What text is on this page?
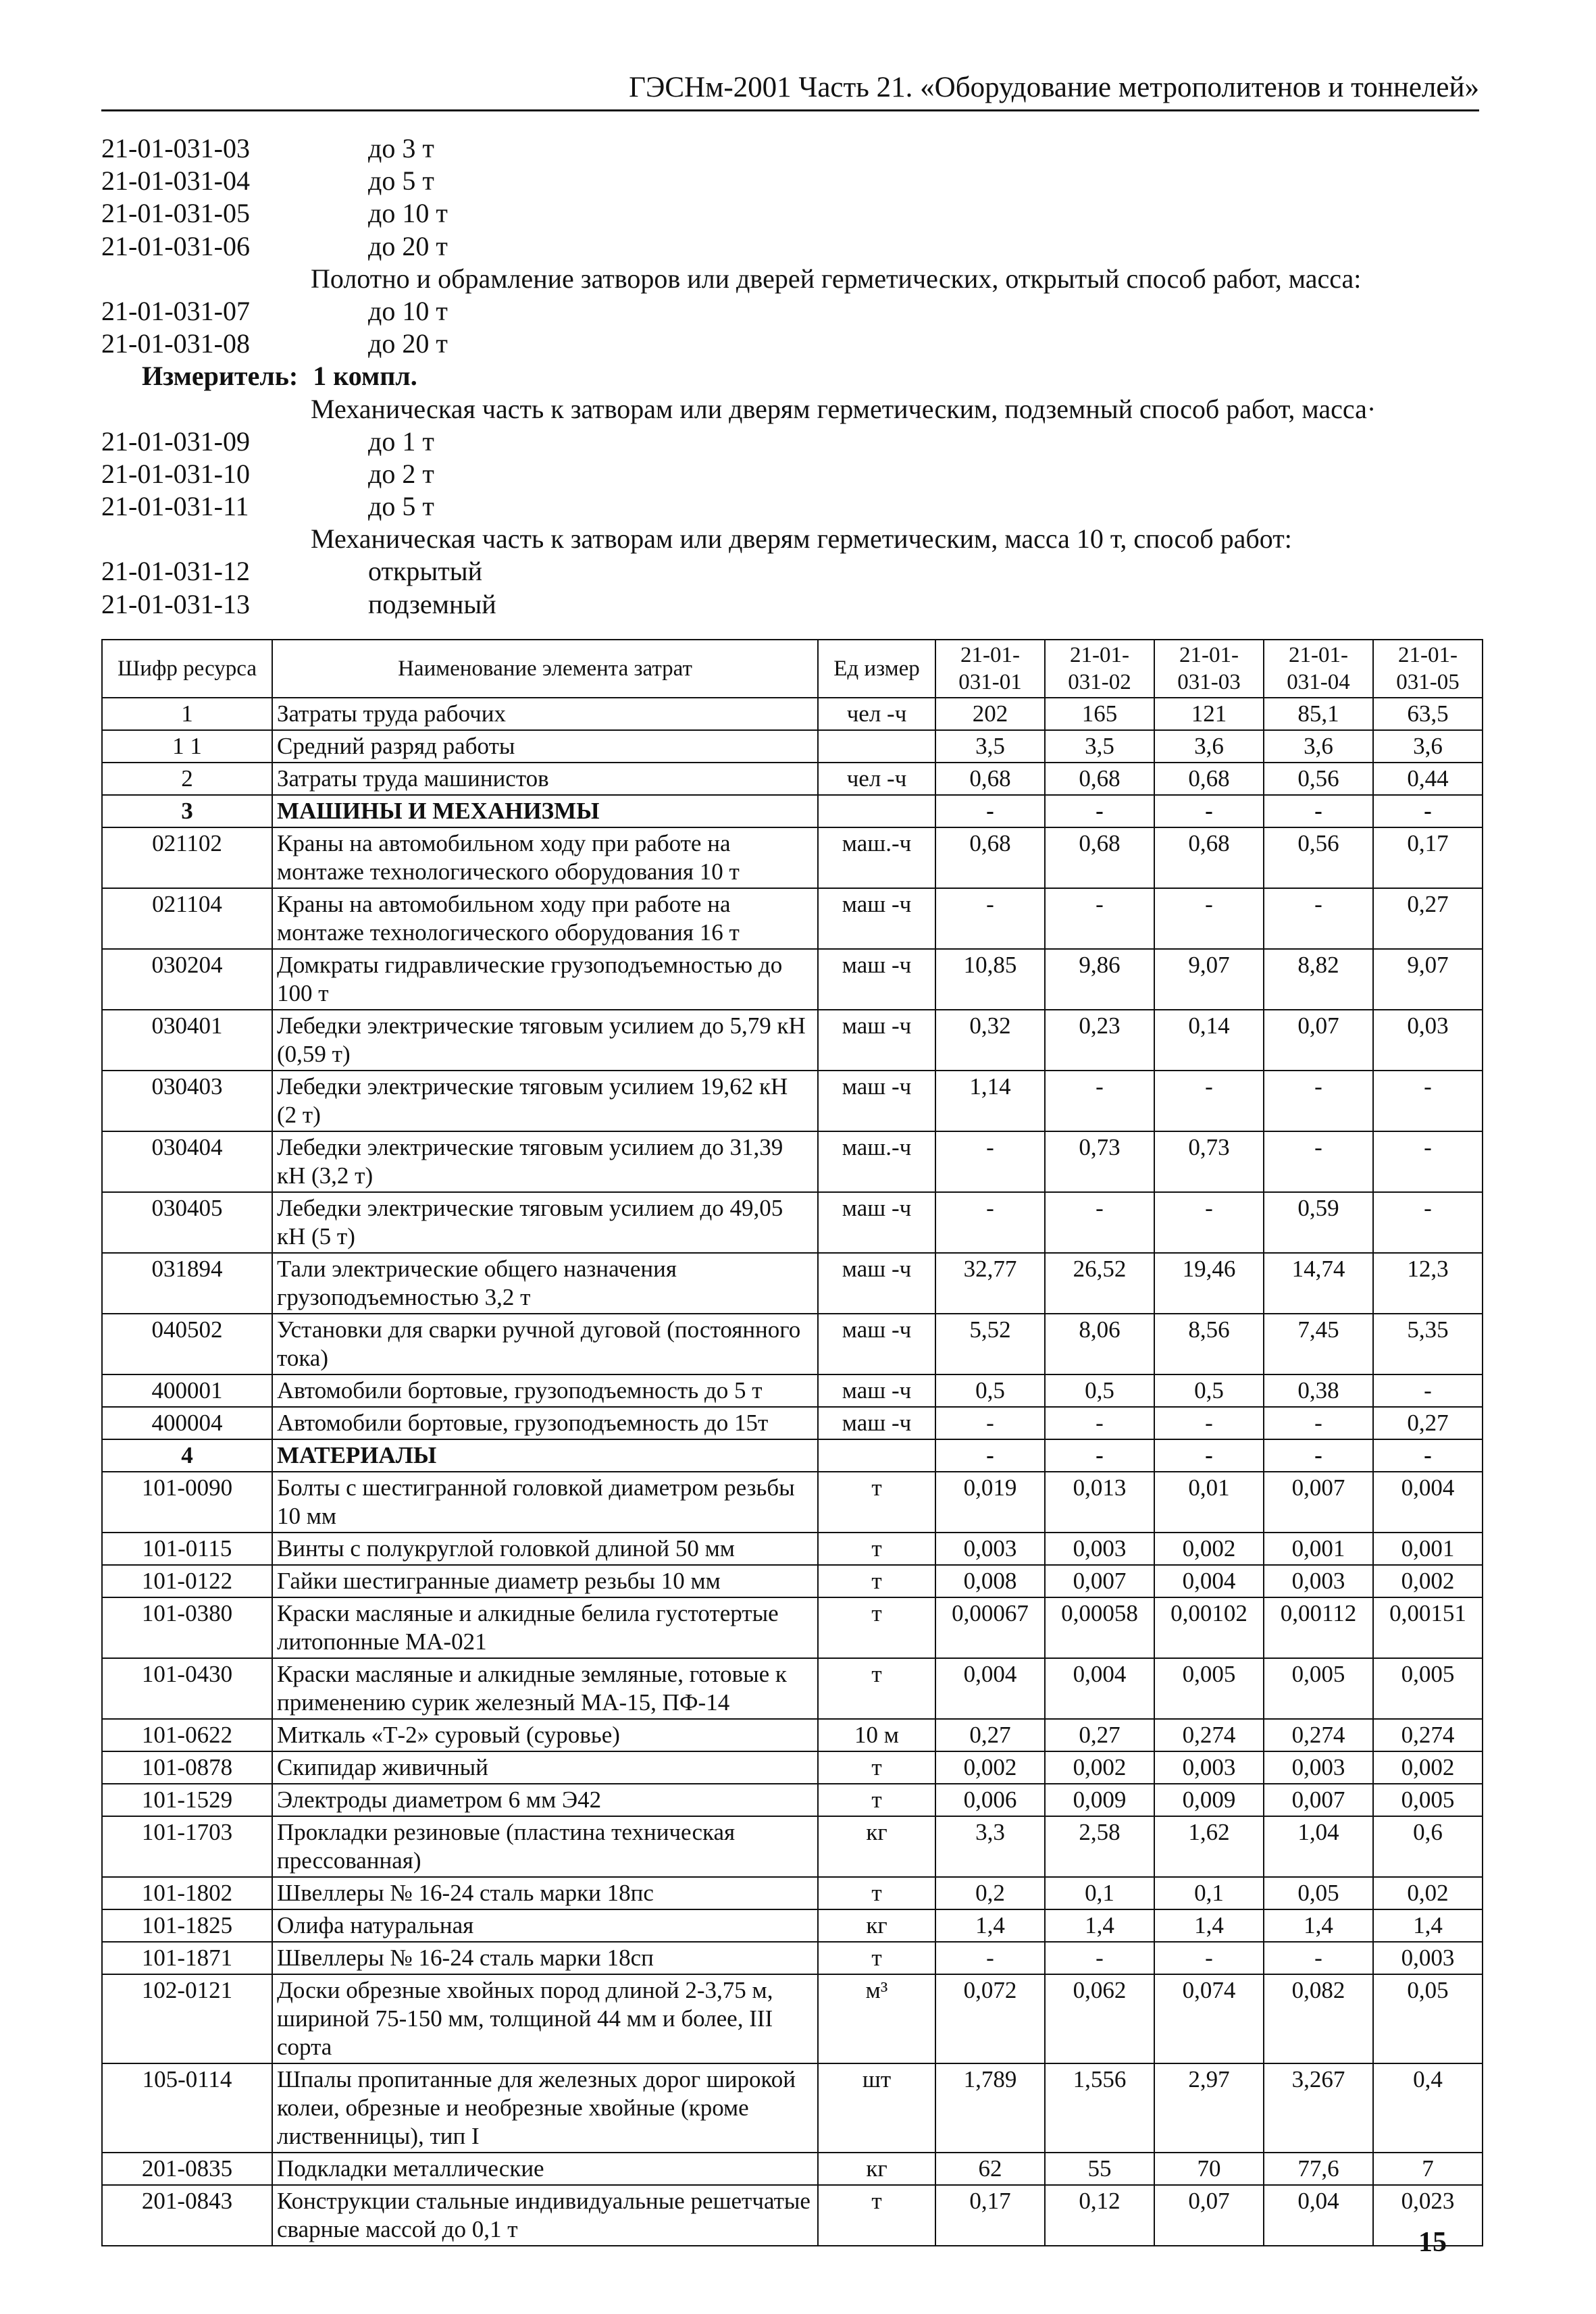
ГЭСНм-2001 Часть 21. «Оборудование метрополитенов и тоннелей»
21-01-031-03	до 3 т
21-01-031-04	до 5 т
21-01-031-05	до 10 т
21-01-031-06	до 20 т
Полотно и обрамление затворов или дверей герметических, открытый способ работ, масса:
21-01-031-07	до 10 т
21-01-031-08	до 20 т
Измеритель: 1 компл.
Механическая часть к затворам или дверям герметическим, подземный способ работ, масса·
21-01-031-09	до 1 т
21-01-031-10	до 2 т
21-01-031-11	до 5 т
Механическая часть к затворам или дверям герметическим, масса 10 т, способ работ:
21-01-031-12	открытый
21-01-031-13	подземный
Шифр ресурса	Наименование элемента затрат	Ед измер	21-01-031-01	21-01-031-02	21-01-031-03	21-01-031-04	21-01-031-05
1	Затраты труда рабочих	чел -ч	202	165	121	85,1	63,5
1 1	Средний разряд работы		3,5	3,5	3,6	3,6	3,6
2	Затраты труда машинистов	чел -ч	0,68	0,68	0,68	0,56	0,44
3	МАШИНЫ И МЕХАНИЗМЫ		-	-	-	-	-
021102	Краны на автомобильном ходу при работе на монтаже технологического оборудования 10 т	маш.-ч	0,68	0,68	0,68	0,56	0,17
021104	Краны на автомобильном ходу при работе на монтаже технологического оборудования 16 т	маш -ч	-	-	-	-	0,27
030204	Домкраты гидравлические грузоподъемностью до 100 т	маш -ч	10,85	9,86	9,07	8,82	9,07
030401	Лебедки электрические тяговым усилием до 5,79 кН (0,59 т)	маш -ч	0,32	0,23	0,14	0,07	0,03
030403	Лебедки электрические тяговым усилием 19,62 кН (2 т)	маш -ч	1,14	-	-	-	-
030404	Лебедки электрические тяговым усилием до 31,39 кН (3,2 т)	маш.-ч	-	0,73	0,73	-	-
030405	Лебедки электрические тяговым усилием до 49,05 кН (5 т)	маш -ч	-	-	-	0,59	-
031894	Тали электрические общего назначения грузоподъемностью 3,2 т	маш -ч	32,77	26,52	19,46	14,74	12,3
040502	Установки для сварки ручной дуговой (постоянного тока)	маш -ч	5,52	8,06	8,56	7,45	5,35
400001	Автомобили бортовые, грузоподъемность до 5 т	маш -ч	0,5	0,5	0,5	0,38	-
400004	Автомобили бортовые, грузоподъемность до 15т	маш -ч	-	-	-	-	0,27
4	МАТЕРИАЛЫ		-	-	-	-	-
101-0090	Болты с шестигранной головкой диаметром резьбы 10 мм	т	0,019	0,013	0,01	0,007	0,004
101-0115	Винты с полукруглой головкой длиной 50 мм	т	0,003	0,003	0,002	0,001	0,001
101-0122	Гайки шестигранные диаметр резьбы 10 мм	т	0,008	0,007	0,004	0,003	0,002
101-0380	Краски масляные и алкидные белила густотертые литопонные МА-021	т	0,00067	0,00058	0,00102	0,00112	0,00151
101-0430	Краски масляные и алкидные земляные, готовые к применению сурик железный МА-15, ПФ-14	т	0,004	0,004	0,005	0,005	0,005
101-0622	Миткаль «Т-2» суровый (суровье)	10 м	0,27	0,27	0,274	0,274	0,274
101-0878	Скипидар живичный	т	0,002	0,002	0,003	0,003	0,002
101-1529	Электроды диаметром 6 мм Э42	т	0,006	0,009	0,009	0,007	0,005
101-1703	Прокладки резиновые (пластина техническая прессованная)	кг	3,3	2,58	1,62	1,04	0,6
101-1802	Швеллеры № 16-24 сталь марки 18пс	т	0,2	0,1	0,1	0,05	0,02
101-1825	Олифа натуральная	кг	1,4	1,4	1,4	1,4	1,4
101-1871	Швеллеры № 16-24 сталь марки 18сп	т	-	-	-	-	0,003
102-0121	Доски обрезные хвойных пород длиной 2-3,75 м, шириной 75-150 мм, толщиной 44 мм и более, III сорта	м³	0,072	0,062	0,074	0,082	0,05
105-0114	Шпалы пропитанные для железных дорог широкой колеи, обрезные и необрезные хвойные (кроме лиственницы), тип I	шт	1,789	1,556	2,97	3,267	0,4
201-0835	Подкладки металлические	кг	62	55	70	77,6	7
201-0843	Конструкции стальные индивидуальные решетчатые сварные массой до 0,1 т	т	0,17	0,12	0,07	0,04	0,023
15
